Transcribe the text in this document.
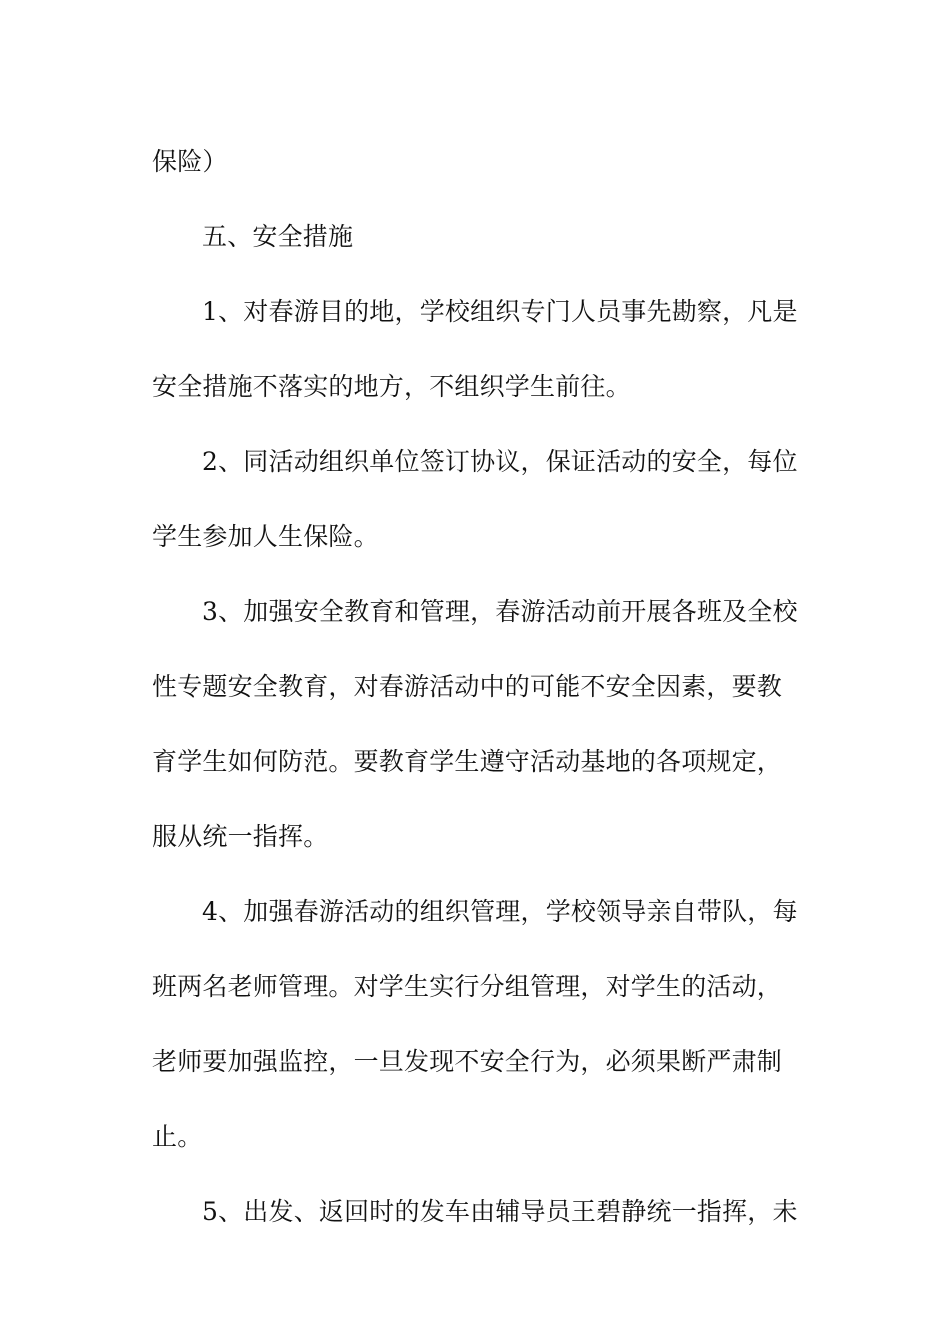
保险）
五、安全措施
1、对春游目的地，学校组织专门人员事先勘察，凡是
安全措施不落实的地方，不组织学生前往。
2、同活动组织单位签订协议，保证活动的安全，每位
学生参加人生保险。
3、加强安全教育和管理，春游活动前开展各班及全校
性专题安全教育，对春游活动中的可能不安全因素，要教
育学生如何防范。要教育学生遵守活动基地的各项规定，
服从统一指挥。
4、加强春游活动的组织管理，学校领导亲自带队，每
班两名老师管理。对学生实行分组管理，对学生的活动，
老师要加强监控，一旦发现不安全行为，必须果断严肃制
止。
5、出发、返回时的发车由辅导员王碧静统一指挥，未
